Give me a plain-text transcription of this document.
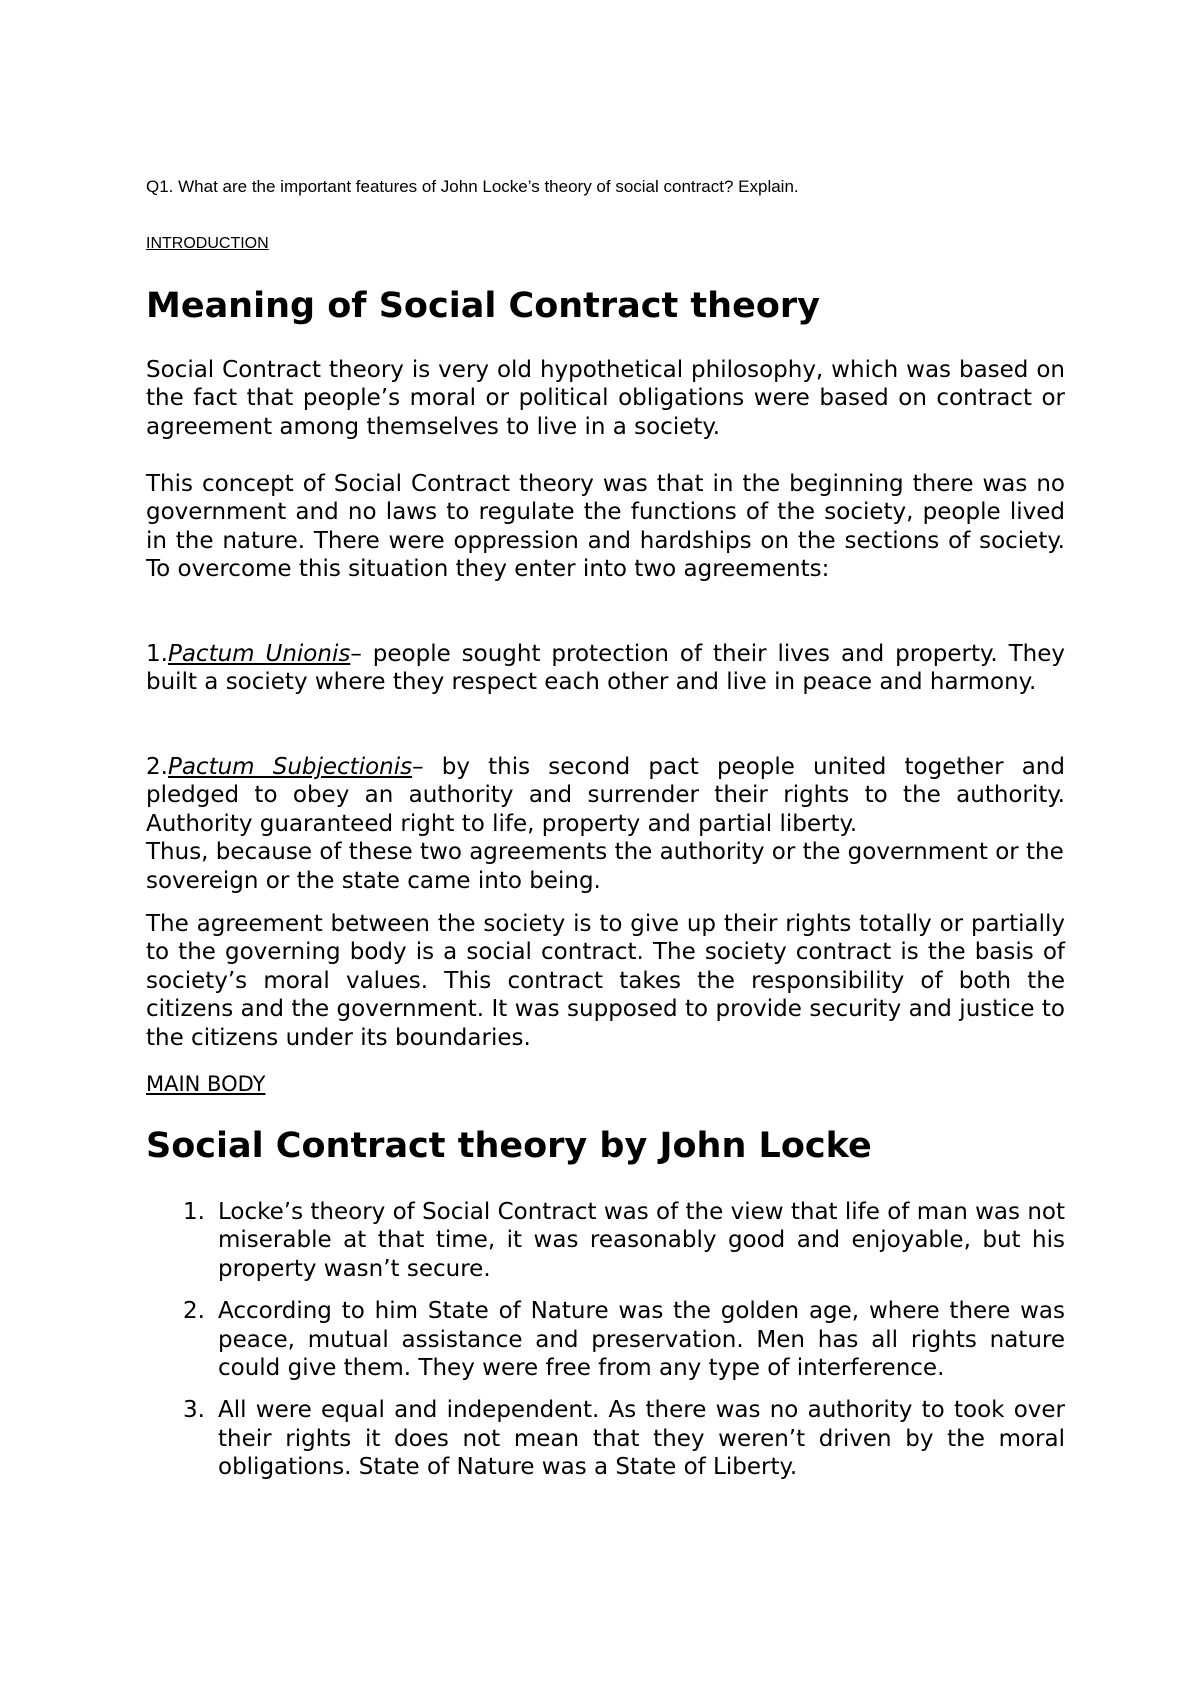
Q1. What are the important features of John Locke’s theory of social contract? Explain.

INTRODUCTION

Meaning of Social Contract theory

Social Contract theory is very old hypothetical philosophy, which was based on the fact that people’s moral or political obligations were based on contract or agreement among themselves to live in a society.

This concept of Social Contract theory was that in the beginning there was no government and no laws to regulate the functions of the society, people lived in the nature. There were oppression and hardships on the sections of society. To overcome this situation they enter into two agreements:

1.Pactum Unionis– people sought protection of their lives and property. They built a society where they respect each other and live in peace and harmony.

2.Pactum Subjectionis– by this second pact people united together and pledged to obey an authority and surrender their rights to the authority. Authority guaranteed right to life, property and partial liberty.

Thus, because of these two agreements the authority or the government or the sovereign or the state came into being.

The agreement between the society is to give up their rights totally or partially to the governing body is a social contract. The society contract is the basis of society’s moral values. This contract takes the responsibility of both the citizens and the government. It was supposed to provide security and justice to the citizens under its boundaries.

MAIN BODY

Social Contract theory by John Locke
1. Locke’s theory of Social Contract was of the view that life of man was not miserable at that time, it was reasonably good and enjoyable, but his property wasn’t secure.
2. According to him State of Nature was the golden age, where there was peace, mutual assistance and preservation. Men has all rights nature could give them. They were free from any type of interference.
3. All were equal and independent. As there was no authority to took over their rights it does not mean that they weren’t driven by the moral obligations. State of Nature was a State of Liberty.
